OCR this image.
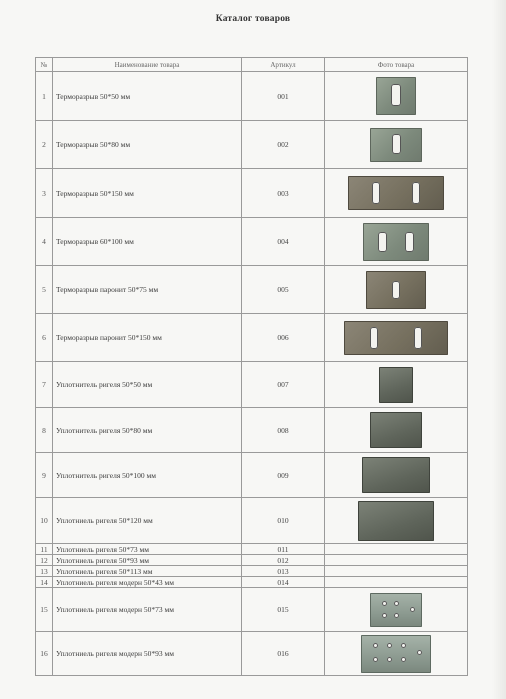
Каталог товаров
№	Наименование товара	Артикул	Фото товара
1	Терморазрыв 50*50 мм	001	

2	Терморазрыв 50*80 мм	002	

3	Терморазрыв 50*150 мм	003	

4	Терморазрыв 60*100 мм	004	

5	Терморазрыв паронит 50*75 мм	005	

6	Терморазрыв паронит 50*150 мм	006	

7	Уплотнитель ригеля 50*50 мм	007	
8	Уплотнитель ригеля 50*80 мм	008	
9	Уплотнитель ригеля 50*100 мм	009	
10	Уплотниель ригеля 50*120 мм	010	
11	Уплотниель ригеля 50*73 мм	011	
12	Уплотниель ригеля 50*93 мм	012	
13	Уплотниель ригеля 50*113 мм	013	
14	Уплотниель ригеля модерн 50*43 мм	014	
15	Уплотниель ригеля модерн 50*73 мм	015	

16	Уплотниель ригеля модерн 50*93 мм	016	
